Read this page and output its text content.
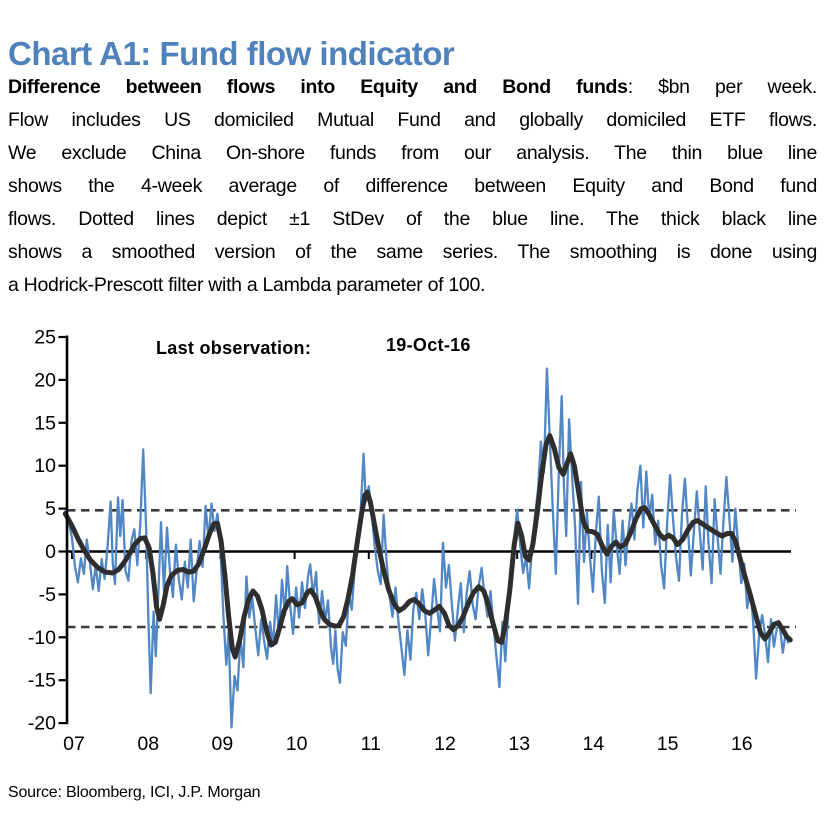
07	08	09	10	11	12	13	14	15	16
25
20
15
10
5
0
-5
-10
-15
-20
Chart A1: Fund flow indicator
Difference between flows into Equity and Bond funds: $bn per week.
Flow includes US domiciled Mutual Fund and globally domiciled ETF flows.
We exclude China On-shore funds from our analysis. The thin blue line
shows the 4-week average of difference between Equity and Bond fund
flows. Dotted lines depict ±1 StDev of the blue line. The thick black line
shows a smoothed version of the same series. The smoothing is done using
a Hodrick-Prescott filter with a Lambda parameter of 100.
Last observation:	19-Oct-16
Source: Bloomberg, ICI, J.P. Morgan
